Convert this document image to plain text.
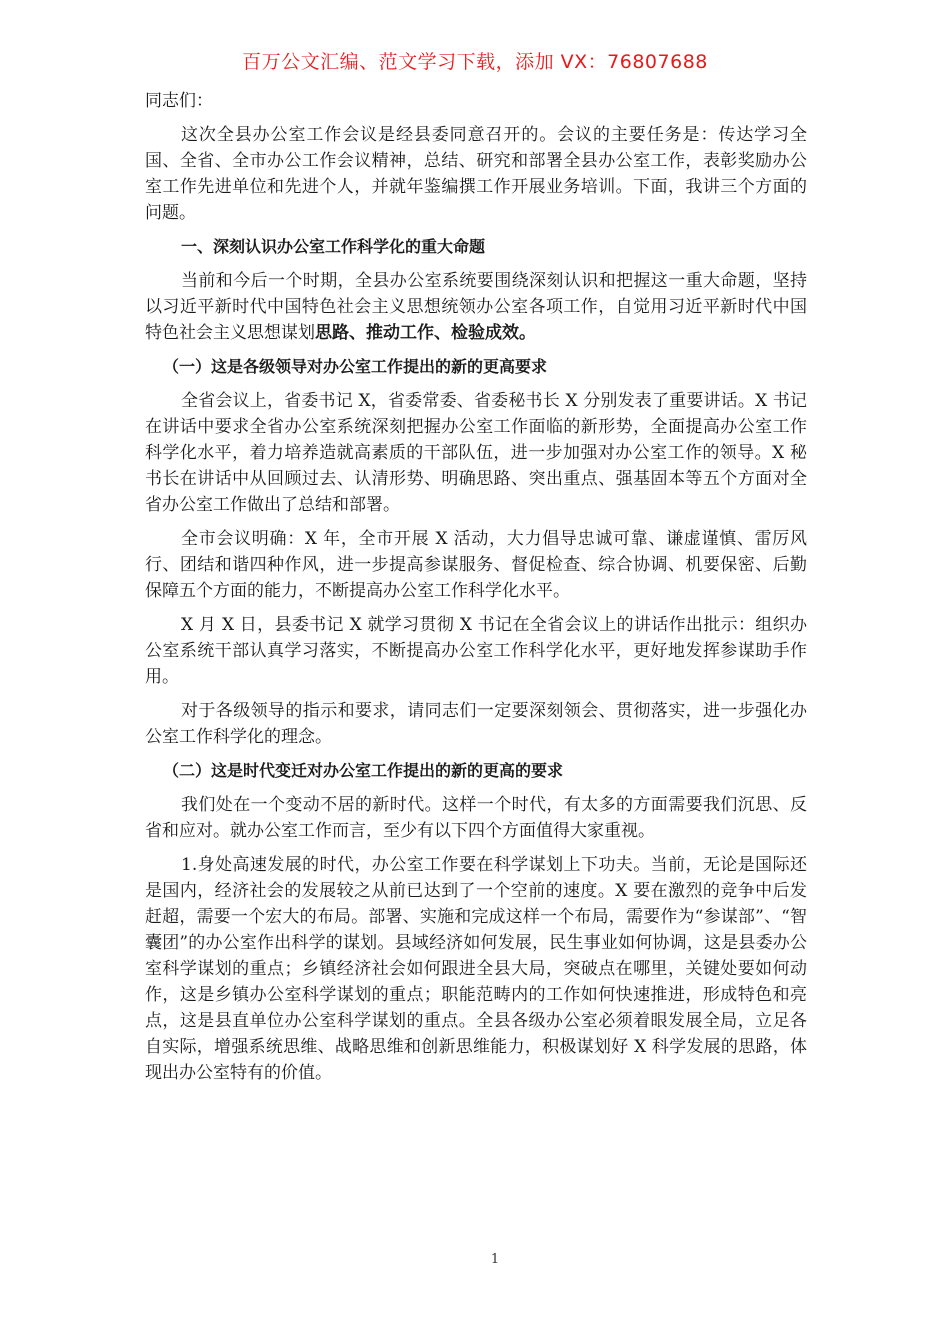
百万公文汇编、范文学习下载，添加 VX：76807688
同志们：

这次全县办公室工作会议是经县委同意召开的。会议的主要任务是：传达学习全国、全省、全市办公工作会议精神，总结、研究和部署全县办公室工作，表彰奖励办公室工作先进单位和先进个人，并就年鉴编撰工作开展业务培训。下面，我讲三个方面的问题。

一、深刻认识办公室工作科学化的重大命题

当前和今后一个时期，全县办公室系统要围绕深刻认识和把握这一重大命题，坚持以习近平新时代中国特色社会主义思想统领办公室各项工作，自觉用习近平新时代中国特色社会主义思想谋划思路、推动工作、检验成效。

（一）这是各级领导对办公室工作提出的新的更高要求

全省会议上，省委书记 X，省委常委、省委秘书长 X 分别发表了重要讲话。X 书记在讲话中要求全省办公室系统深刻把握办公室工作面临的新形势，全面提高办公室工作科学化水平，着力培养造就高素质的干部队伍，进一步加强对办公室工作的领导。X 秘书长在讲话中从回顾过去、认清形势、明确思路、突出重点、强基固本等五个方面对全省办公室工作做出了总结和部署。

全市会议明确：X 年，全市开展 X 活动，大力倡导忠诚可靠、谦虚谨慎、雷厉风行、团结和谐四种作风，进一步提高参谋服务、督促检查、综合协调、机要保密、后勤保障五个方面的能力，不断提高办公室工作科学化水平。

X 月 X 日，县委书记 X 就学习贯彻 X 书记在全省会议上的讲话作出批示：组织办公室系统干部认真学习落实，不断提高办公室工作科学化水平，更好地发挥参谋助手作用。

对于各级领导的指示和要求，请同志们一定要深刻领会、贯彻落实，进一步强化办公室工作科学化的理念。

（二）这是时代变迁对办公室工作提出的新的更高的要求

我们处在一个变动不居的新时代。这样一个时代，有太多的方面需要我们沉思、反省和应对。就办公室工作而言，至少有以下四个方面值得大家重视。

1.身处高速发展的时代，办公室工作要在科学谋划上下功夫。当前，无论是国际还是国内，经济社会的发展较之从前已达到了一个空前的速度。X 要在激烈的竞争中后发赶超，需要一个宏大的布局。部署、实施和完成这样一个布局，需要作为“参谋部”、“智囊团”的办公室作出科学的谋划。县域经济如何发展，民生事业如何协调，这是县委办公室科学谋划的重点；乡镇经济社会如何跟进全县大局，突破点在哪里，关键处要如何动作，这是乡镇办公室科学谋划的重点；职能范畴内的工作如何快速推进，形成特色和亮点，这是县直单位办公室科学谋划的重点。全县各级办公室必须着眼发展全局，立足各自实际，增强系统思维、战略思维和创新思维能力，积极谋划好 X 科学发展的思路，体现出办公室特有的价值。

1
